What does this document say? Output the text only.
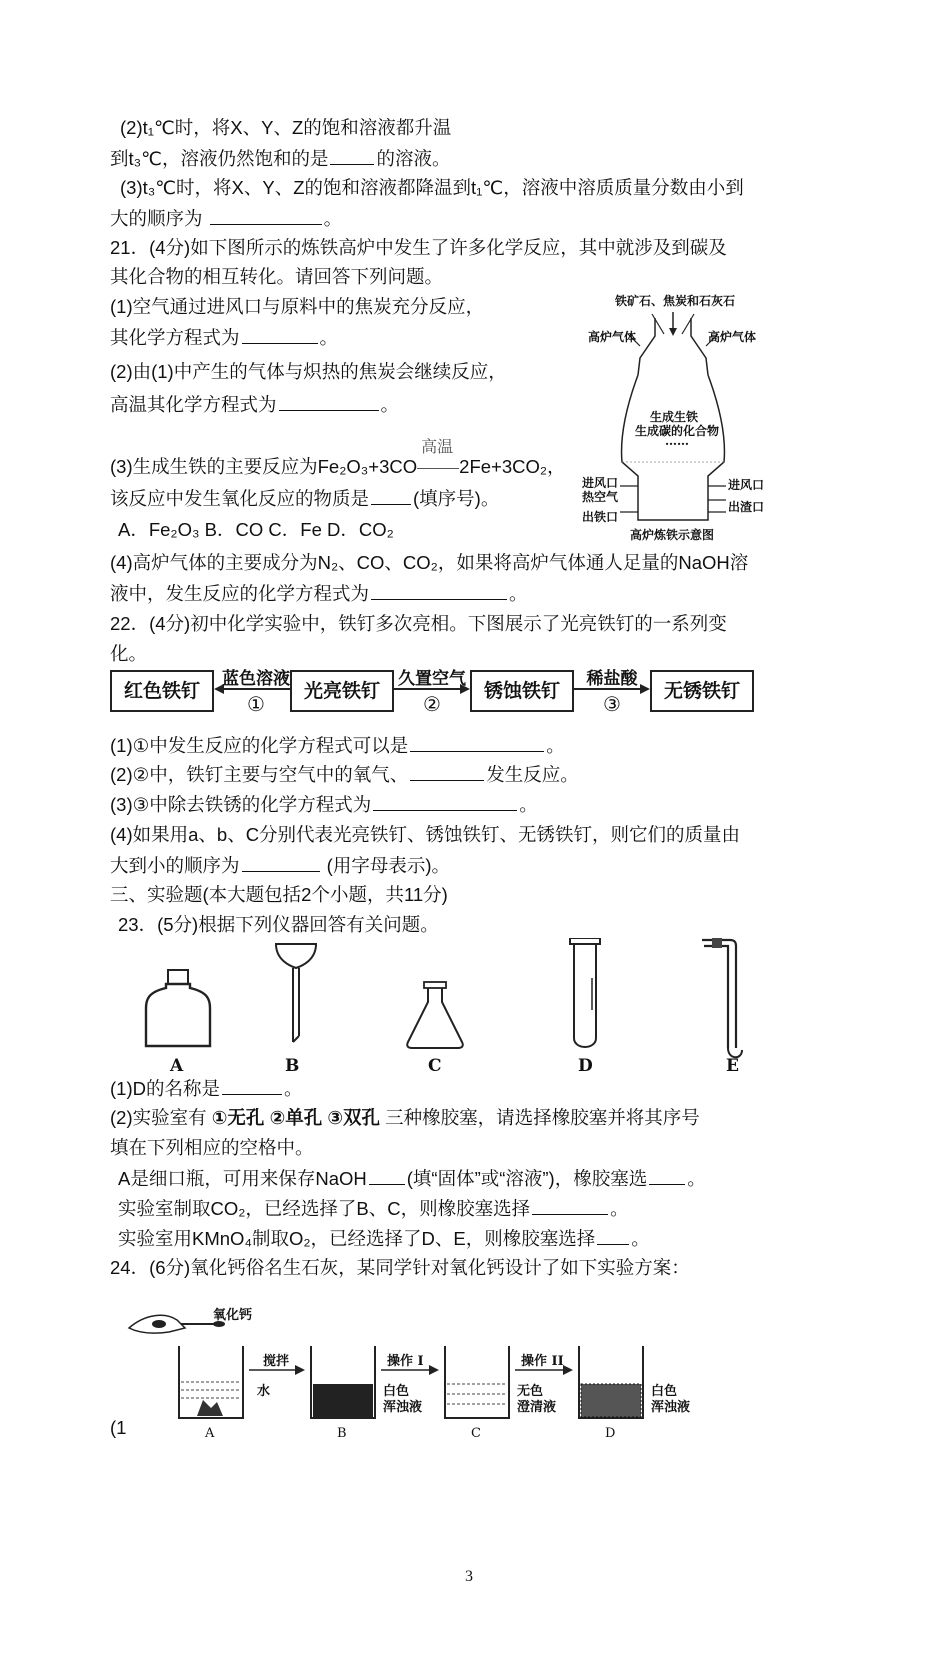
(2)t₁℃时，将X、Y、Z的饱和溶液都升温
到t₃℃，溶液仍然饱和的是	的溶液。
(3)t₃℃时，将X、Y、Z的饱和溶液都降温到t₁℃，溶液中溶质质量分数由小到
大的顺序为	。
21．(4分)如下图所示的炼铁高炉中发生了许多化学反应，其中就涉及到碳及
其化合物的相互转化。请回答下列问题。
(1)空气通过进风口与原料中的焦炭充分反应，
其化学方程式为	。
(2)由(1)中产生的气体与炽热的焦炭会继续反应，
高温其化学方程式为	。
(3)生成生铁的主要反应为Fe₂O₃+3CO
高温
2Fe+3CO₂，
该反应中发生氧化反应的物质是 (填序号)。
A．Fe₂O₃ B．CO C．Fe D．CO₂
(4)高炉气体的主要成分为N₂、CO、CO₂，如果将高炉气体通人足量的NaOH溶
液中，发生反应的化学方程式为	。
铁矿石、焦炭和石灰石
高炉气体	高炉气体
生成生铁
生成碳的化合物
……
进风口
热空气
进风口
出铁口
出渣口
高炉炼铁示意图
22．(4分)初中化学实验中，铁钉多次亮相。下图展示了光亮铁钉的一系列变
化。
红色铁钉	光亮铁钉	锈蚀铁钉	无锈铁钉
蓝色溶液	久置空气	稀盐酸
①	②	③
(1)①中发生反应的化学方程式可以是	。
(2)②中，铁钉主要与空气中的氧气、	发生反应。
(3)③中除去铁锈的化学方程式为	。
(4)如果用a、b、C分别代表光亮铁钉、锈蚀铁钉、无锈铁钉，则它们的质量由
大到小的顺序为	(用字母表示)。
三、实验题(本大题包括2个小题，共11分)
23．(5分)根据下列仪器回答有关问题。
A	B	C	D	E
(1)D的名称是	。
(2)实验室有 ①无孔 ②单孔 ③双孔 三种橡胶塞，请选择橡胶塞并将其序号
填在下列相应的空格中。
A是细口瓶，可用来保存NaOH (填“固体”或“溶液”)，橡胶塞选 。
实验室制取CO₂，已经选择了B、C，则橡胶塞选择	。
实验室用KMnO₄制取O₂，已经选择了D、E，则橡胶塞选择 。
24．(6分)氧化钙俗名生石灰，某同学针对氧化钙设计了如下实验方案：
氧化钙
水
搅拌	操作 I	操作 II
白色
浑浊液
无色
澄清液
白色
浑浊液
A	B	C	D
(1
3
